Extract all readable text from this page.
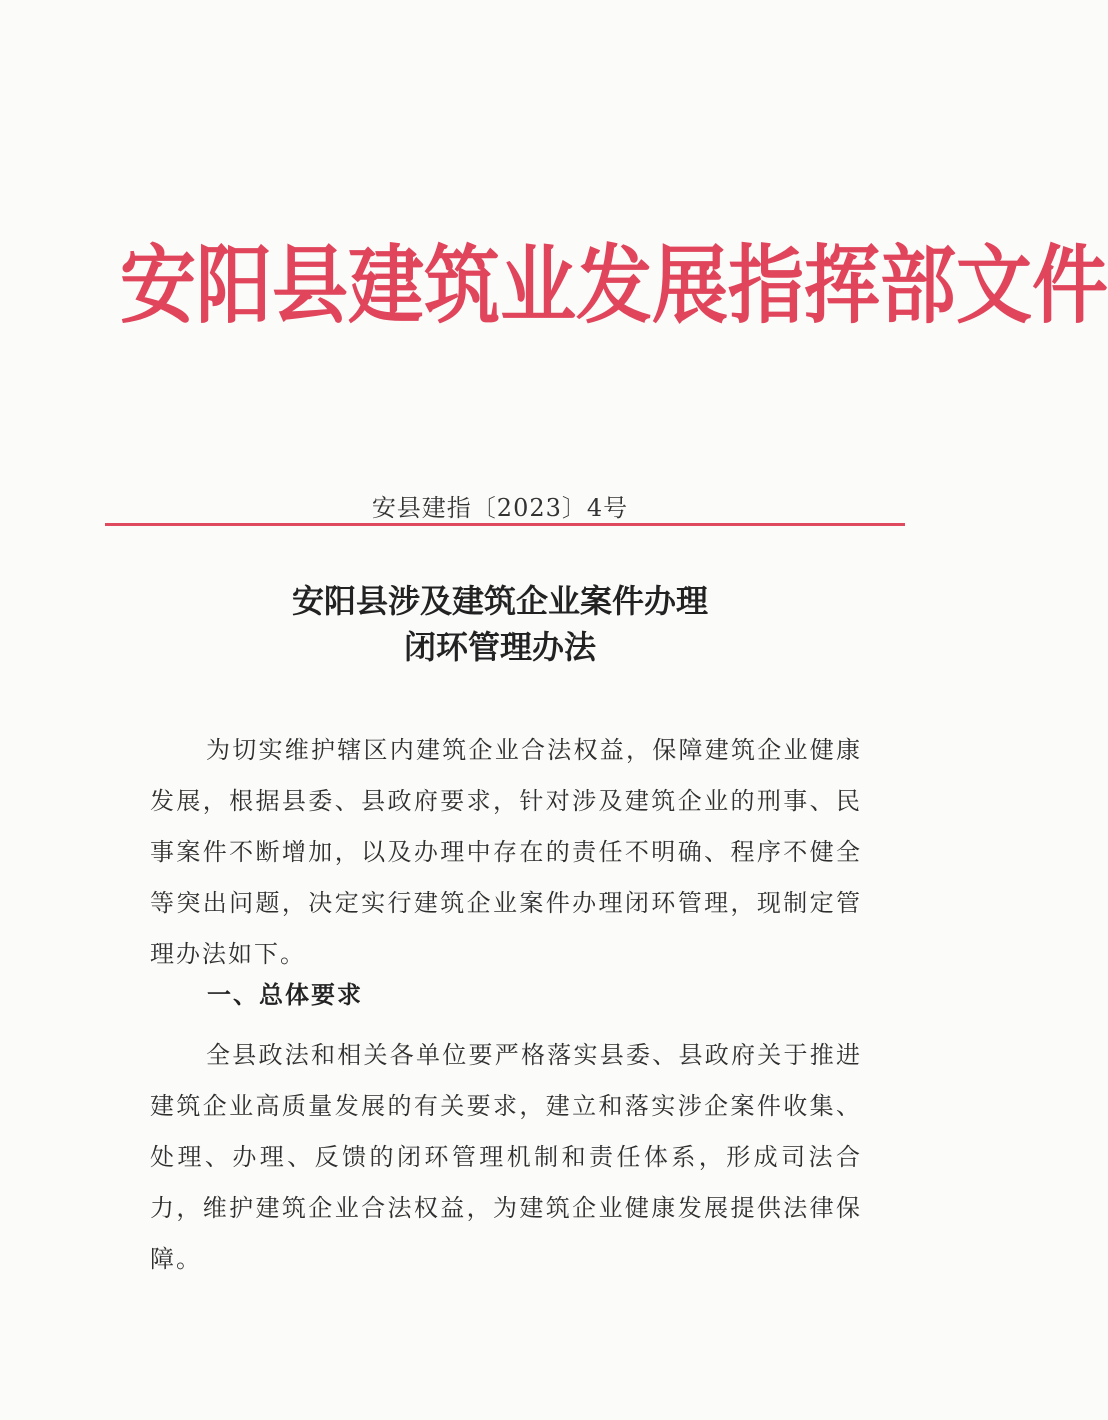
安阳县建筑业发展指挥部文件
安县建指〔2023〕4号
安阳县涉及建筑企业案件办理
闭环管理办法
为切实维护辖区内建筑企业合法权益，保障建筑企业健康发展，根据县委、县政府要求，针对涉及建筑企业的刑事、民事案件不断增加，以及办理中存在的责任不明确、程序不健全等突出问题，决定实行建筑企业案件办理闭环管理，现制定管理办法如下。
一、总体要求
全县政法和相关各单位要严格落实县委、县政府关于推进建筑企业高质量发展的有关要求，建立和落实涉企案件收集、处理、办理、反馈的闭环管理机制和责任体系，形成司法合力，维护建筑企业合法权益，为建筑企业健康发展提供法律保障。
